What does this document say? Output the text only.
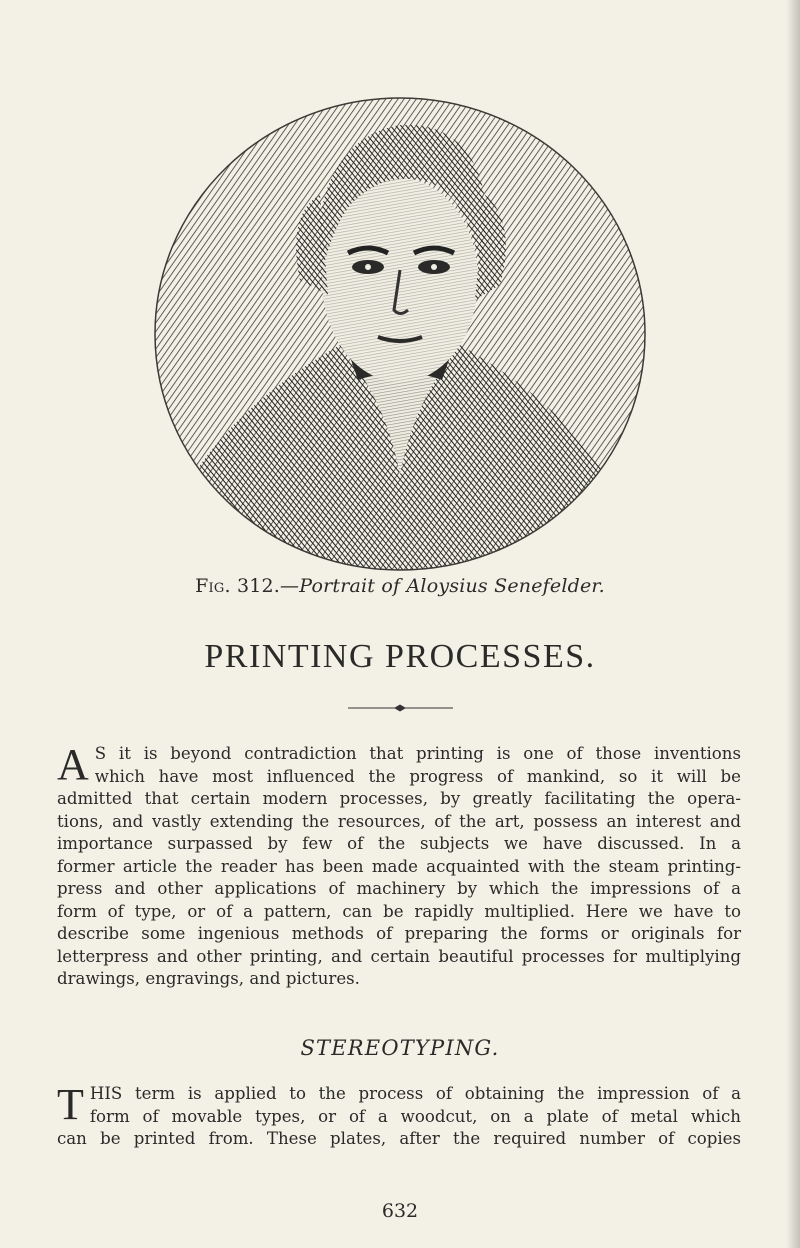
Fig. 312.—Portrait of Aloysius Senefelder.
PRINTING PROCESSES.
A S it is beyond contradiction that printing is one of those inventions
which have most influenced the progress of mankind, so it will be
admitted that certain modern processes, by greatly facilitating the opera-
tions, and vastly extending the resources, of the art, possess an interest and
importance surpassed by few of the subjects we have discussed. In a
former article the reader has been made acquainted with the steam printing-
press and other applications of machinery by which the impressions of a
form of type, or of a pattern, can be rapidly multiplied. Here we have to
describe some ingenious methods of preparing the forms or originals for
letterpress and other printing, and certain beautiful processes for multiplying
drawings, engravings, and pictures.
STEREOTYPING.
T HIS term is applied to the process of obtaining the impression of a
form of movable types, or of a woodcut, on a plate of metal which
can be printed from. These plates, after the required number of copies
632
